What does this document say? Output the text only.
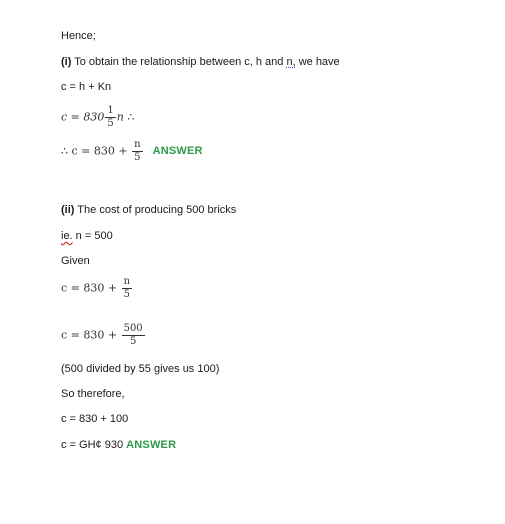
Hence;
(i) To obtain the relationship between c, h and n, we have
c = h + Kn
$c = 830 \frac{1}{5}$ n ∴
∴ $c = 830 + \frac{n}{5}$ ANSWER
(ii) The cost of producing 500 bricks
ie. n = 500
Given
$c = 830 + \frac{n}{5}$
$c = 830 + \frac{500}{5}$
(500 divided by 55 gives us 100)
So therefore,
c = 830 + 100
c = GH¢ 930 ANSWER
